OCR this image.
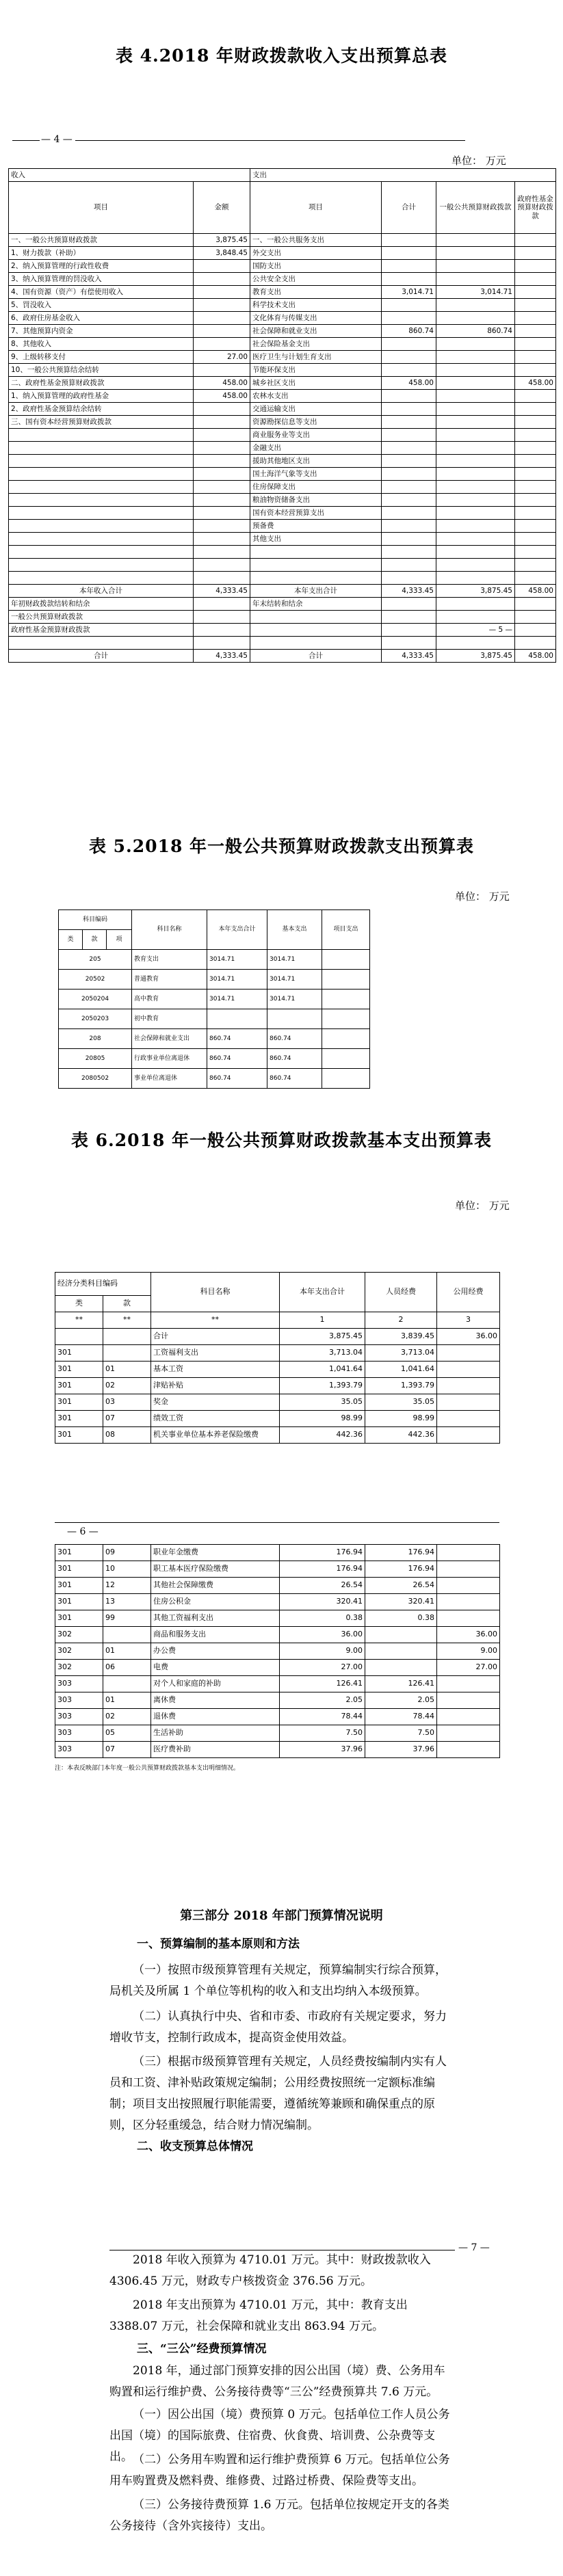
表 4.2018 年财政拨款收入支出预算总表
— 4 —
单位： 万元
收入		支出			
项目	金额	项目	合计	一般公共预算财政拨款	政府性基金预算财政拨款
一、一般公共预算财政拨款	3,875.45	一、一般公共服务支出			
1、财力拨款（补助）	3,848.45	外交支出			
2、纳入预算管理的行政性收费		国防支出			
3、纳入预算管理的罚没收入		公共安全支出			
4、国有资源（资产）有偿使用收入		教育支出	3,014.71	3,014.71	
5、罚没收入		科学技术支出			
6、政府住房基金收入		文化体育与传媒支出			
7、其他预算内资金		社会保障和就业支出	860.74	860.74	
8、其他收入		社会保险基金支出			
9、上级转移支付	27.00	医疗卫生与计划生育支出			
10、一般公共预算结余结转		节能环保支出			
二、政府性基金预算财政拨款	458.00	城乡社区支出	458.00		458.00
1、纳入预算管理的政府性基金	458.00	农林水支出			
2、政府性基金预算结余结转		交通运输支出			
三、国有资本经营预算财政拨款		资源勘探信息等支出			
		商业服务业等支出			
		金融支出			
		援助其他地区支出			
		国土海洋气象等支出			
		住房保障支出			
		粮油物资储备支出			
		国有资本经营预算支出			
		预备费			
		其他支出			

本年收入合计	4,333.45	本年支出合计	4,333.45	3,875.45	458.00
年初财政拨款结转和结余		年末结转和结余			
一般公共预算财政拨款					
政府性基金预算财政拨款				— 5 —	

合计	4,333.45	合计	4,333.45	3,875.45	458.00
表 5.2018 年一般公共预算财政拨款支出预算表
单位： 万元
科目编码			科目名称	本年支出合计	基本支出	项目支出
类	款	项				
205			教育支出	3014.71	3014.71	
20502			普通教育	3014.71	3014.71	
2050204			高中教育	3014.71	3014.71	
2050203			初中教育			
208			社会保障和就业支出	860.74	860.74	
20805			行政事业单位离退休	860.74	860.74	
2080502			事业单位离退休	860.74	860.74	
表 6.2018 年一般公共预算财政拨款基本支出预算表
单位： 万元
经济分类科目编码		科目名称	本年支出合计	人员经费	公用经费
类	款				
**	**	**	1	2	3
		合计	3,875.45	3,839.45	36.00
301		工资福利支出	3,713.04	3,713.04	
301	01	基本工资	1,041.64	1,041.64	
301	02	津贴补贴	1,393.79	1,393.79	
301	03	奖金	35.05	35.05	
301	07	绩效工资	98.99	98.99	
301	08	机关事业单位基本养老保险缴费	442.36	442.36	
— 6 —
301	09	职业年金缴费	176.94	176.94	
301	10	职工基本医疗保险缴费	176.94	176.94	
301	12	其他社会保障缴费	26.54	26.54	
301	13	住房公积金	320.41	320.41	
301	99	其他工资福利支出	0.38	0.38	
302		商品和服务支出	36.00		36.00
302	01	办公费	9.00		9.00
302	06	电费	27.00		27.00
303		对个人和家庭的补助	126.41	126.41	
303	01	离休费	2.05	2.05	
303	02	退休费	78.44	78.44	
303	05	生活补助	7.50	7.50	
303	07	医疗费补助	37.96	37.96	
注：本表反映部门本年度一般公共预算财政拨款基本支出明细情况。

第三部分 2018 年部门预算情况说明

一、预算编制的基本原则和方法

（一）按照市级预算管理有关规定，预算编制实行综合预算，局机关及所属 1 个单位等机构的收入和支出均纳入本级预算。

（二）认真执行中央、省和市委、市政府有关规定要求，努力增收节支，控制行政成本，提高资金使用效益。

（三）根据市级预算管理有关规定，人员经费按编制内实有人员和工资、津补贴政策规定编制；公用经费按照统一定额标准编制；项目支出按照履行职能需要，遵循统筹兼顾和确保重点的原则，区分轻重缓急，结合财力情况编制。

二、收支预算总体情况

— 7 —

2018 年收入预算为 4710.01 万元。其中：财政拨款收入 4306.45 万元，财政专户核拨资金 376.56 万元。

2018 年支出预算为 4710.01 万元，其中：教育支出 3388.07 万元，社会保障和就业支出 863.94 万元。

三、“三公”经费预算情况

2018 年，通过部门预算安排的因公出国（境）费、公务用车购置和运行维护费、公务接待费等“三公”经费预算共 7.6 万元。

（一）因公出国（境）费预算 0 万元。包括单位工作人员公务出国（境）的国际旅费、住宿费、伙食费、培训费、公杂费等支出。 （二）公务用车购置和运行维护费预算 6 万元。包括单位公务用车购置费及燃料费、维修费、过路过桥费、保险费等支出。

（三）公务接待费预算 1.6 万元。包括单位按规定开支的各类公务接待（含外宾接待）支出。
